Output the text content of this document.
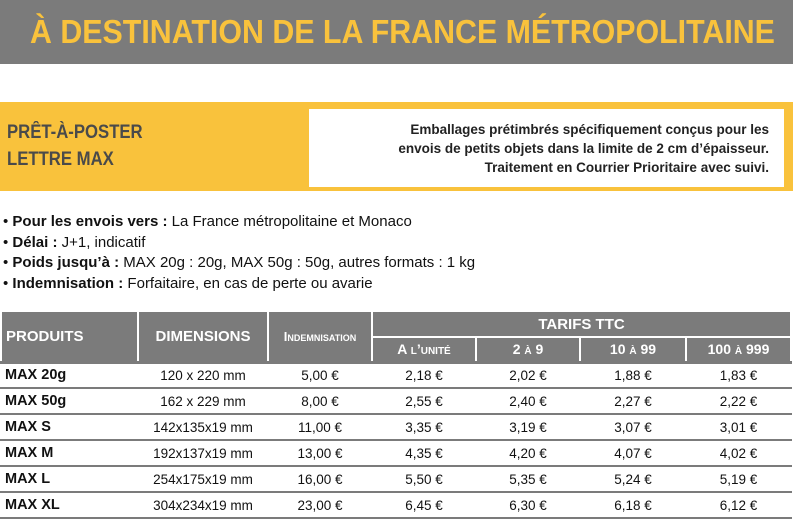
À DESTINATION DE LA FRANCE MÉTROPOLITAINE
PRÊT-À-POSTER
LETTRE MAX
Emballages prétimbrés spécifiquement conçus pour les
envois de petits objets dans la limite de 2 cm d’épaisseur.
Traitement en Courrier Prioritaire avec suivi.
• Pour les envois vers : La France métropolitaine et Monaco
• Délai : J+1, indicatif
• Poids jusqu’à : MAX 20g : 20g, MAX 50g : 50g, autres formats : 1 kg
• Indemnisation : Forfaitaire, en cas de perte ou avarie
PRODUITS	DIMENSIONS	Indemnisation	TARIFS TTC			
			A l’unité	2 à 9	10 à 99	100 à 999
MAX 20g	120 x 220 mm	5,00 €	2,18 €	2,02 €	1,88 €	1,83 €
MAX 50g	162 x 229 mm	8,00 €	2,55 €	2,40 €	2,27 €	2,22 €
MAX S	142x135x19 mm	11,00 €	3,35 €	3,19 €	3,07 €	3,01 €
MAX M	192x137x19 mm	13,00 €	4,35 €	4,20 €	4,07 €	4,02 €
MAX L	254x175x19 mm	16,00 €	5,50 €	5,35 €	5,24 €	5,19 €
MAX XL	304x234x19 mm	23,00 €	6,45 €	6,30 €	6,18 €	6,12 €
